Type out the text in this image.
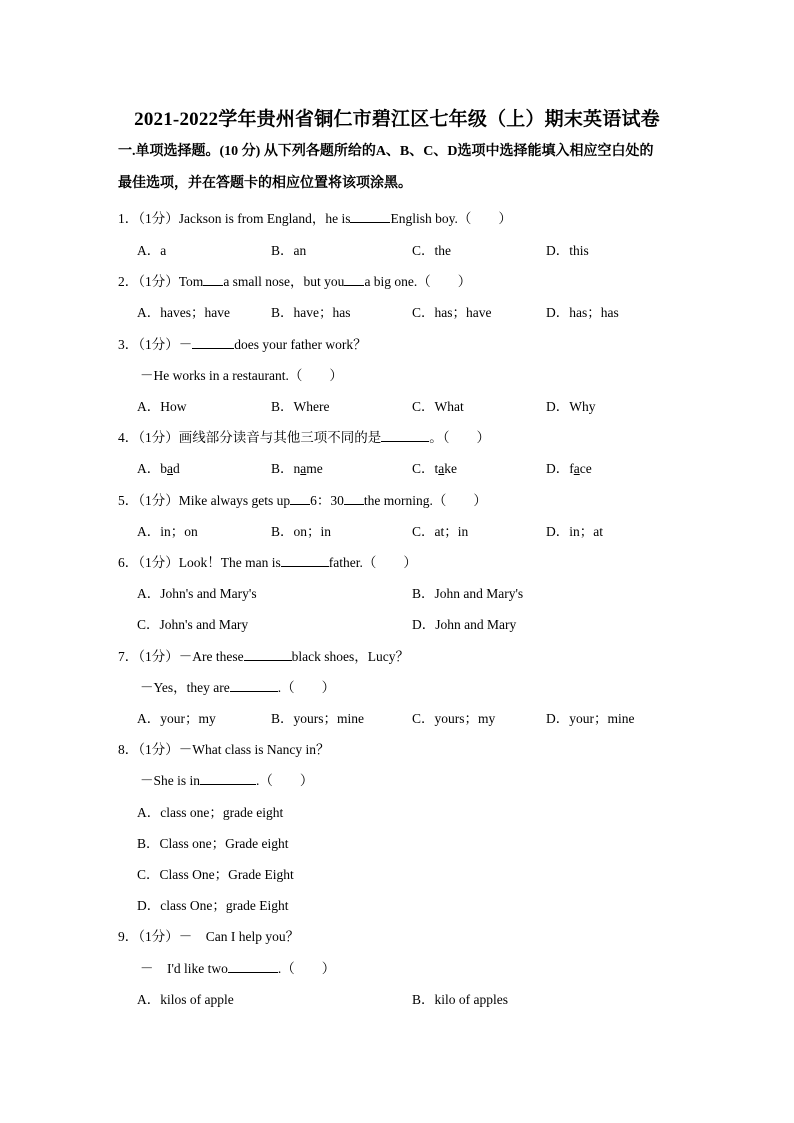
2021-2022学年贵州省铜仁市碧江区七年级（上）期末英语试卷
一.单项选择题。(10 分) 从下列各题所给的A、B、C、D选项中选择能填入相应空白处的
最佳选项，并在答题卡的相应位置将该项涂黑。
1．（1分）Jackson is from England，he is	English boy.（　　）
A．a	B．an	C．the	D．this
2．（1分）Tom a small nose，but you a big one.（　　）
A．haves；have	B．have；has	C．has；have	D．has；has
3．（1分）－	does your father work？
－He works in a restaurant.（　　）
A．How	B．Where	C．What	D．Why
4．（1分）画线部分读音与其他三项不同的是	。（　　）
A．bad	B．name	C．take	D．face
5．（1分）Mike always gets up 6：30 the morning.（　　）
A．in；on	B．on；in	C．at；in	D．in；at
6．（1分）Look！The man is	father.（　　）
A．John's and Mary's	B．John and Mary's
C．John's and Mary	D．John and Mary
7．（1分）－Are these	black shoes，Lucy？
－Yes，they are	.（　　）
A．your；my	B．yours；mine	C．yours；my	D．your；mine
8．（1分）－What class is Nancy in？
－She is in	.（　　）
A．class one；grade eight
B．Class one；Grade eight
C．Class One；Grade Eight
D．class One；grade Eight
9．（1分）－　Can I help you？
－　I'd like two	.（　　）
A．kilos of apple	B．kilo of apples
